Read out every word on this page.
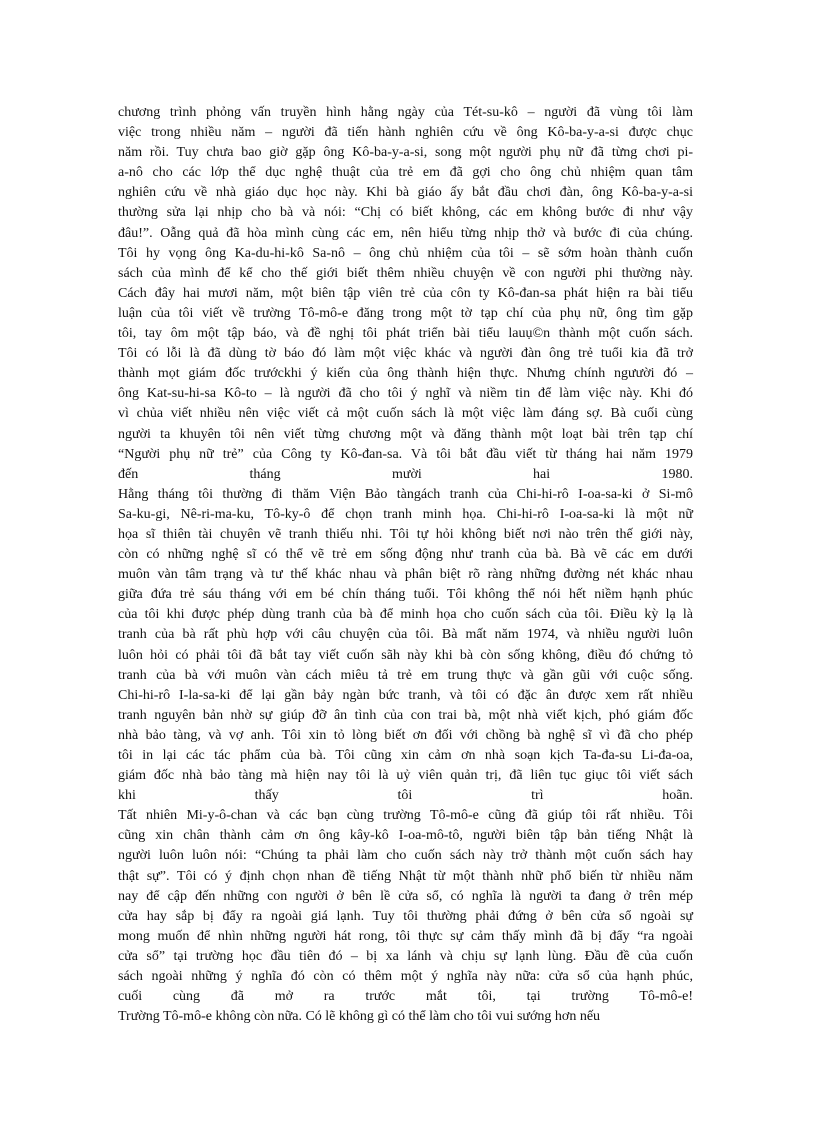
chương trình phỏng vấn truyền hình hằng ngày của Tét-su-kô – người đã vùng tôi làm
việc trong nhiều năm – người đã tiến hành nghiên cứu về ông Kô-ba-y-a-si được chục
năm rồi. Tuy chưa bao giờ gặp ông Kô-ba-y-a-si, song một người phụ nữ đã từng chơi pi-
a-nô cho các lớp thể dục nghệ thuật của trẻ em đã gợi cho ông chủ nhiệm quan tâm
nghiên cứu về nhà giáo dục học này. Khi bà giáo ấy bắt đầu chơi đàn, ông Kô-ba-y-a-si
thường sửa lại nhịp cho bà và nói: “Chị có biết không, các em không bước đi như vậy
đâu!”. Oẫng quả đã hòa mình cùng các em, nên hiểu từng nhịp thở và bước đi của chúng.
Tôi hy vọng ông Ka-du-hi-kô Sa-nô – ông chủ nhiệm của tôi – sẽ sớm hoàn thành cuốn
sách của mình để kể cho thế giới biết thêm nhiều chuyện về con người phi thường này.
Cách đây hai mươi năm, một biên tập viên trẻ của côn ty Kô-đan-sa phát hiện ra bài tiểu
luận của tôi viết về trường Tô-mô-e đăng trong một tờ tạp chí của phụ nữ, ông tìm gặp
tôi, tay ôm một tập báo, và đề nghị tôi phát triển bài tiểu lauụ©n thành một cuốn sách.
Tôi có lỗi là đã dùng tờ báo đó làm một việc khác và người đàn ông trẻ tuổi kia đã trở
thành mọt giám đốc trướckhi ý kiến của ông thành hiện thực. Nhưng chính ngưười đó –
ông Kat-su-hi-sa Kô-to – là người đã cho tôi ý nghĩ và niềm tin để làm việc này. Khi đó
vì chủa viết nhiều nên việc viết cả một cuốn sách là một việc làm đáng sợ. Bà cuối cùng
người ta khuyên tôi nên viết từng chương một và đăng thành một loạt bài trên tạp chí
“Người phụ nữ trẻ” của Công ty Kô-đan-sa. Và tôi bắt đầu viết từ tháng hai năm 1979
đến tháng mười hai 1980.
Hằng tháng tôi thường đi thăm Viện Bảo tàngách tranh của Chi-hi-rô I-oa-sa-ki ở Si-mô
Sa-ku-gi, Nê-ri-ma-ku, Tô-ky-ô để chọn tranh minh họa. Chi-hi-rô I-oa-sa-ki là một nữ
họa sĩ thiên tài chuyên vẽ tranh thiếu nhi. Tôi tự hỏi không biết nơi nào trên thế giới này,
còn có những nghệ sĩ có thể vẽ trẻ em sống động như tranh của bà. Bà vẽ các em dưới
muôn vàn tâm trạng và tư thế khác nhau và phân biệt rõ ràng những đường nét khác nhau
giữa đứa trẻ sáu tháng với em bé chín tháng tuổi. Tôi không thể nói hết niềm hạnh phúc
của tôi khi được phép dùng tranh của bà để minh họa cho cuốn sách của tôi. Điều kỳ lạ là
tranh của bà rất phù hợp với câu chuyện của tôi. Bà mất năm 1974, và nhiều người luôn
luôn hỏi có phải tôi đã bắt tay viết cuốn sãh này khi bà còn sống không, điều đó chứng tỏ
tranh của bà với muôn vàn cách miêu tả trẻ em trung thực và gần gũi với cuộc sống.
Chi-hi-rô I-la-sa-ki để lại gần bảy ngàn bức tranh, và tôi có đặc ân được xem rất nhiều
tranh nguyên bản nhờ sự giúp đỡ ân tình của con trai bà, một nhà viết kịch, phó giám đốc
nhà bảo tàng, và vợ anh. Tôi xin tỏ lòng biết ơn đối với chồng bà nghệ sĩ vì đã cho phép
tôi in lại các tác phẩm của bà. Tôi cũng xin cảm ơn nhà soạn kịch Ta-đa-su Li-đa-oa,
giám đốc nhà bảo tàng mà hiện nay tôi là uỷ viên quản trị, đã liên tục giục tôi viết sách
khi thấy tôi trì hoãn.
Tất nhiên Mi-y-ô-chan và các bạn cùng trường Tô-mô-e cũng đã giúp tôi rất nhiều. Tôi
cũng xin chân thành cảm ơn ông kây-kô I-oa-mô-tô, người biên tập bản tiếng Nhật là
người luôn luôn nói: “Chúng ta phải làm cho cuốn sách này trở thành một cuốn sách hay
thật sự”. Tôi có ý định chọn nhan đề tiếng Nhật từ một thành nhữ phổ biến từ nhiều năm
nay để cập đến những con người ở bên lề cửa sổ, có nghĩa là người ta đang ở trên mép
cửa hay sắp bị đẩy ra ngoài giá lạnh. Tuy tôi thường phải đứng ở bên cửa sổ ngoài sự
mong muốn để nhìn những người hát rong, tôi thực sự cảm thấy mình đã bị đẩy “ra ngoài
cửa sổ” tại trường học đầu tiên đó – bị xa lánh và chịu sự lạnh lùng. Đầu đề của cuốn
sách ngoài những ý nghĩa đó còn có thêm một ý nghĩa này nữa: cửa sổ của hạnh phúc,
cuối cùng đã mở ra trước mắt tôi, tại trường Tô-mô-e!
Trường Tô-mô-e không còn nữa. Có lẽ không gì có thể làm cho tôi vui sướng hơn nếu
